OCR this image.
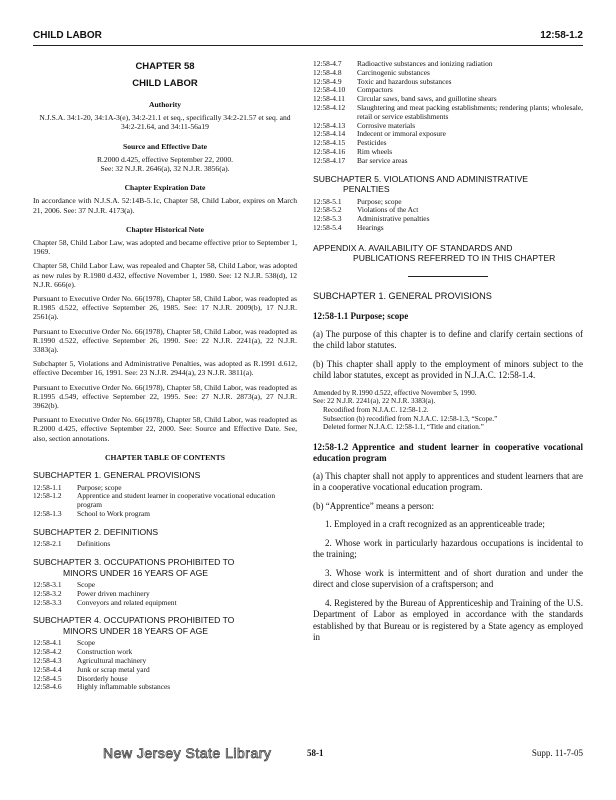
CHILD LABOR	12:58-1.2
CHAPTER 58
CHILD LABOR
Authority
N.J.S.A. 34:1-20, 34:1A-3(e), 34:2-21.1 et seq., specifically 34:2-21.57 et seq. and 34:2-21.64, and 34:11-56a19
Source and Effective Date
R.2000 d.425, effective September 22, 2000.
See: 32 N.J.R. 2646(a), 32 N.J.R. 3856(a).
Chapter Expiration Date
In accordance with N.J.S.A. 52:14B-5.1c, Chapter 58, Child Labor, expires on March 21, 2006. See: 37 N.J.R. 4173(a).
Chapter Historical Note

Chapter 58, Child Labor Law, was adopted and became effective prior to September 1, 1969.

Chapter 58, Child Labor Law, was repealed and Chapter 58, Child Labor, was adopted as new rules by R.1980 d.432, effective November 1, 1980. See: 12 N.J.R. 538(d), 12 N.J.R. 666(e).

Pursuant to Executive Order No. 66(1978), Chapter 58, Child Labor, was readopted as R.1985 d.522, effective September 26, 1985. See: 17 N.J.R. 2009(b), 17 N.J.R. 2561(a).

Pursuant to Executive Order No. 66(1978), Chapter 58, Child Labor, was readopted as R.1990 d.522, effective September 26, 1990. See: 22 N.J.R. 2241(a), 22 N.J.R. 3383(a).

Subchapter 5, Violations and Administrative Penalties, was adopted as R.1991 d.612, effective December 16, 1991. See: 23 N.J.R. 2944(a), 23 N.J.R. 3811(a).

Pursuant to Executive Order No. 66(1978), Chapter 58, Child Labor, was readopted as R.1995 d.549, effective September 22, 1995. See: 27 N.J.R. 2873(a), 27 N.J.R. 3962(b).

Pursuant to Executive Order No. 66(1978), Chapter 58, Child Labor, was readopted as R.2000 d.425, effective September 22, 2000. See: Source and Effective Date. See, also, section annotations.

CHAPTER TABLE OF CONTENTS
SUBCHAPTER 1. GENERAL PROVISIONS
12:58-1.1	Purpose; scope
12:58-1.2	Apprentice and student learner in cooperative vocational education program
12:58-1.3	School to Work program
SUBCHAPTER 2. DEFINITIONS
12:58-2.1	Definitions
SUBCHAPTER 3. OCCUPATIONS PROHIBITED TO
MINORS UNDER 16 YEARS OF AGE
12:58-3.1	Scope
12:58-3.2	Power driven machinery
12:58-3.3	Conveyors and related equipment
SUBCHAPTER 4. OCCUPATIONS PROHIBITED TO
MINORS UNDER 18 YEARS OF AGE
12:58-4.1	Scope
12:58-4.2	Construction work
12:58-4.3	Agricultural machinery
12:58-4.4	Junk or scrap metal yard
12:58-4.5	Disorderly house
12:58-4.6	Highly inflammable substances
12:58-4.7	Radioactive substances and ionizing radiation
12:58-4.8	Carcinogenic substances
12:58-4.9	Toxic and hazardous substances
12:58-4.10	Compactors
12:58-4.11	Circular saws, band saws, and guillotine shears
12:58-4.12	Slaughtering and meat packing establishments; rendering plants; wholesale, retail or service establishments
12:58-4.13	Corrosive materials
12:58-4.14	Indecent or immoral exposure
12:58-4.15	Pesticides
12:58-4.16	Rim wheels
12:58-4.17	Bar service areas
SUBCHAPTER 5. VIOLATIONS AND ADMINISTRATIVE
PENALTIES
12:58-5.1	Purpose; scope
12:58-5.2	Violations of the Act
12:58-5.3	Administrative penalties
12:58-5.4	Hearings
APPENDIX A. AVAILABILITY OF STANDARDS AND
PUBLICATIONS REFERRED TO IN THIS CHAPTER
SUBCHAPTER 1. GENERAL PROVISIONS
12:58-1.1 Purpose; scope

(a) The purpose of this chapter is to define and clarify certain sections of the child labor statutes.

(b) This chapter shall apply to the employment of minors subject to the child labor statutes, except as provided in N.J.A.C. 12:58-1.4.

Amended by R.1990 d.522, effective November 5, 1990.
See: 22 N.J.R. 2241(a), 22 N.J.R. 3383(a).
Recodified from N.J.A.C. 12:58-1.2.
Subsection (b) recodified from N.J.A.C. 12:58-1.3, “Scope.”
Deleted former N.J.A.C. 12:58-1.1, “Title and citation.”
12:58-1.2 Apprentice and student learner in cooperative vocational education program

(a) This chapter shall not apply to apprentices and student learners that are in a cooperative vocational education program.

(b) “Apprentice” means a person:

1. Employed in a craft recognized as an apprenticeable trade;

2. Whose work in particularly hazardous occupations is incidental to the training;

3. Whose work is intermittent and of short duration and under the direct and close supervision of a craftsperson; and

4. Registered by the Bureau of Apprenticeship and Training of the U.S. Department of Labor as employed in accordance with the standards established by that Bureau or is registered by a State agency as employed in

New Jersey State Library	58-1	Supp. 11-7-05
